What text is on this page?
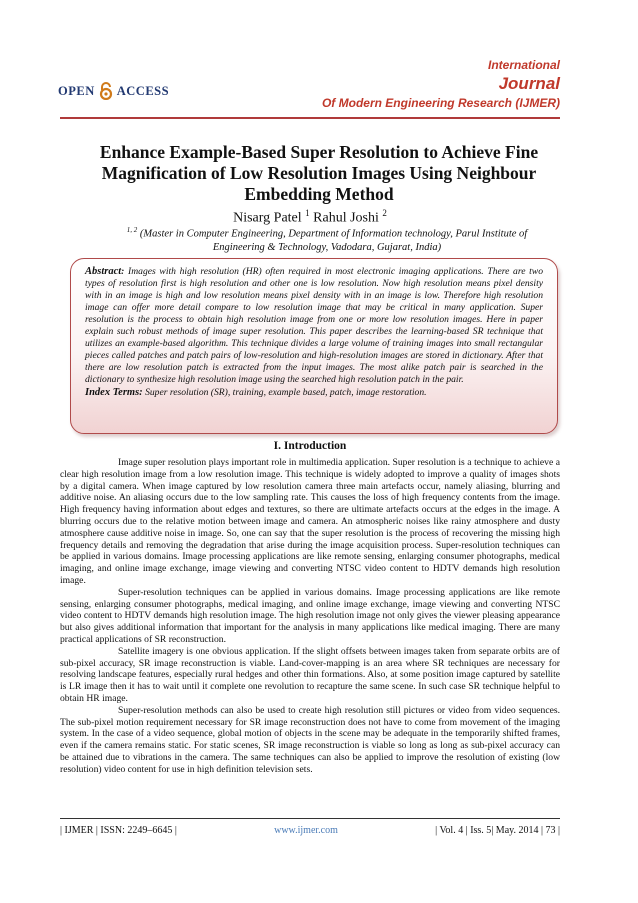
OPEN ACCESS
International
Journal
Of Modern Engineering Research (IJMER)
Enhance Example-Based Super Resolution to Achieve Fine Magnification of Low Resolution Images Using Neighbour Embedding Method
Nisarg Patel $^1$ Rahul Joshi $^2$
$^{1, 2}$ (Master in Computer Engineering, Department of Information technology, Parul Institute of Engineering & Technology, Vadodara, Gujarat, India)
Abstract: Images with high resolution (HR) often required in most electronic imaging applications. There are two types of resolution first is high resolution and other one is low resolution. Now high resolution means pixel density with in an image is high and low resolution means pixel density with in an image is low. Therefore high resolution image can offer more detail compare to low resolution image that may be critical in many application. Super resolution is the process to obtain high resolution image from one or more low resolution images. Here in paper explain such robust methods of image super resolution. This paper describes the learning-based SR technique that utilizes an example-based algorithm. This technique divides a large volume of training images into small rectangular pieces called patches and patch pairs of low-resolution and high-resolution images are stored in dictionary. After that there are low resolution patch is extracted from the input images. The most alike patch pair is searched in the dictionary to synthesize high resolution image using the searched high resolution patch in the pair.
Index Terms: Super resolution (SR), training, example based, patch, image restoration.
I. Introduction

Image super resolution plays important role in multimedia application. Super resolution is a technique to achieve a clear high resolution image from a low resolution image. This technique is widely adopted to improve a quality of images shots by a digital camera. When image captured by low resolution camera three main artefacts occur, namely aliasing, blurring and additive noise. An aliasing occurs due to the low sampling rate. This causes the loss of high frequency contents from the image. High frequency having information about edges and textures, so there are ultimate artefacts occurs at the edges in the image. A blurring occurs due to the relative motion between image and camera. An atmospheric noises like rainy atmosphere and dusty atmosphere cause additive noise in image. So, one can say that the super resolution is the process of recovering the missing high frequency details and removing the degradation that arise during the image acquisition process. Super-resolution techniques can be applied in various domains. Image processing applications are like remote sensing, enlarging consumer photographs, medical imaging, and online image exchange, image viewing and converting NTSC video content to HDTV demands high resolution image.

Super-resolution techniques can be applied in various domains. Image processing applications are like remote sensing, enlarging consumer photographs, medical imaging, and online image exchange, image viewing and converting NTSC video content to HDTV demands high resolution image. The high resolution image not only gives the viewer pleasing appearance but also gives additional information that important for the analysis in many applications like medical imaging. There are many practical applications of SR reconstruction.

Satellite imagery is one obvious application. If the slight offsets between images taken from separate orbits are of sub-pixel accuracy, SR image reconstruction is viable. Land-cover-mapping is an area where SR techniques are necessary for resolving landscape features, especially rural hedges and other thin formations. Also, at some position image captured by satellite is LR image then it has to wait until it complete one revolution to recapture the same scene. In such case SR technique helpful to obtain HR image.

Super-resolution methods can also be used to create high resolution still pictures or video from video sequences. The sub-pixel motion requirement necessary for SR image reconstruction does not have to come from movement of the imaging system. In the case of a video sequence, global motion of objects in the scene may be adequate in the temporarily shifted frames, even if the camera remains static. For static scenes, SR image reconstruction is viable so long as long as sub-pixel accuracy can be attained due to vibrations in the camera. The same techniques can also be applied to improve the resolution of existing (low resolution) video content for use in high definition television sets.

| IJMER | ISSN: 2249–6645 |	www.ijmer.com	| Vol. 4 | Iss. 5| May. 2014 | 73 |
